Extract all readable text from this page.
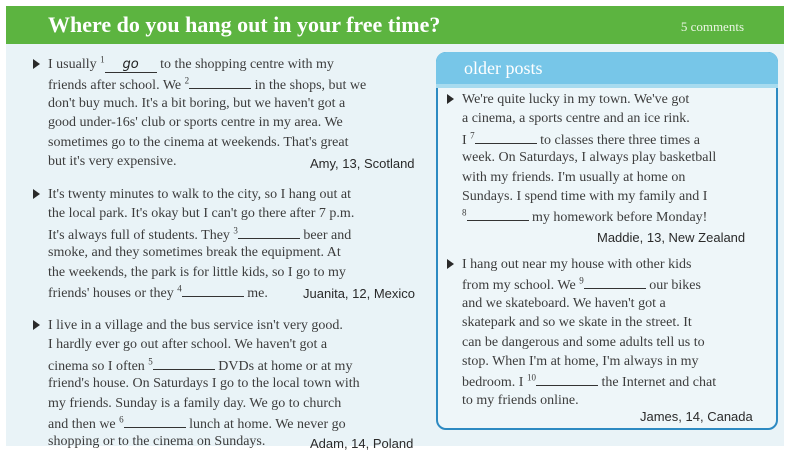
Where do you hang out in your free time?	5 comments
older posts
I usually $^1$ go to the shopping centre with my
friends after school. We $^2$	in the shops, but we
don't buy much. It's a bit boring, but we haven't got a
good under-16s' club or sports centre in my area. We
sometimes go to the cinema at weekends. That's great
but it's very expensive.	Amy, 13, Scotland
It's twenty minutes to walk to the city, so I hang out at
the local park. It's okay but I can't go there after 7 p.m.
It's always full of students. They $^3$	beer and
smoke, and they sometimes break the equipment. At
the weekends, the park is for little kids, so I go to my
friends' houses or they $^4$	me.	Juanita, 12, Mexico
I live in a village and the bus service isn't very good.
I hardly ever go out after school. We haven't got a
cinema so I often $^5$	DVDs at home or at my
friend's house. On Saturdays I go to the local town with
my friends. Sunday is a family day. We go to church
and then we $^6$	lunch at home. We never go
shopping or to the cinema on Sundays.	Adam, 14, Poland
We're quite lucky in my town. We've got
a cinema, a sports centre and an ice rink.
I $^7$	to classes there three times a
week. On Saturdays, I always play basketball
with my friends. I'm usually at home on
Sundays. I spend time with my family and I
$^8$	my homework before Monday!
Maddie, 13, New Zealand
I hang out near my house with other kids
from my school. We $^9$	our bikes
and we skateboard. We haven't got a
skatepark and so we skate in the street. It
can be dangerous and some adults tell us to
stop. When I'm at home, I'm always in my
bedroom. I $^{10}$	the Internet and chat
to my friends online.
James, 14, Canada
